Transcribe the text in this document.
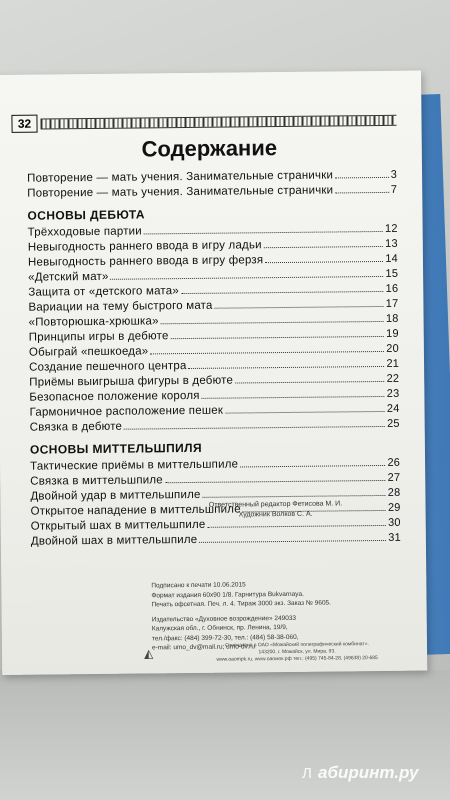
32
Содержание
Повторение — мать учения. Занимательные странички	3
Повторение — мать учения. Занимательные странички	7
ОСНОВЫ ДЕБЮТА
Трёхходовые партии	12
Невыгодность раннего ввода в игру ладьи	13
Невыгодность раннего ввода в игру ферзя	14
«Детский мат»	15
Защита от «детского мата»	16
Вариации на тему быстрого мата	17
«Повторюшка-хрюшка»	18
Принципы игры в дебюте	19
Обыграй «пешкоеда»	20
Создание пешечного центра	21
Приёмы выигрыша фигуры в дебюте	22
Безопасное положение короля	23
Гармоничное расположение пешек	24
Связка в дебюте	25
ОСНОВЫ МИТТЕЛЬШПИЛЯ
Тактические приёмы в миттельшпиле	26
Связка в миттельшпиле	27
Двойной удар в миттельшпиле	28
Открытое нападение в миттельшпиле	29
Открытый шах в миттельшпиле	30
Двойной шах в миттельшпиле	31
Ответственный редактор Фетисова М. И.
Художник Волков С. А.
Подписано к печати 10.06.2015
Формат издания 60x90 1/8. Гарнитура Bukvarnaya.
Печать офсетная. Печ. л. 4. Тираж 3000 экз. Заказ № 9605.
Издательство «Духовное возрождение» 249033
Калужская обл., г. Обнинск, пр. Ленина, 19/9,
тел./факс: (484) 399-72-30, тел.: (484) 58-38-060,
e-mail: umo_dv@mail.ru; umo-dv.ru
◭
Отпечатано в ОАО «Можайский полиграфический комбинат».
143200, г. Можайск, ул. Мира, 93.
www.oaompk.ru, www.оаомпк.рф тел.: (495) 745-84-28, (49638) 20-685
Л абиринт.ру
